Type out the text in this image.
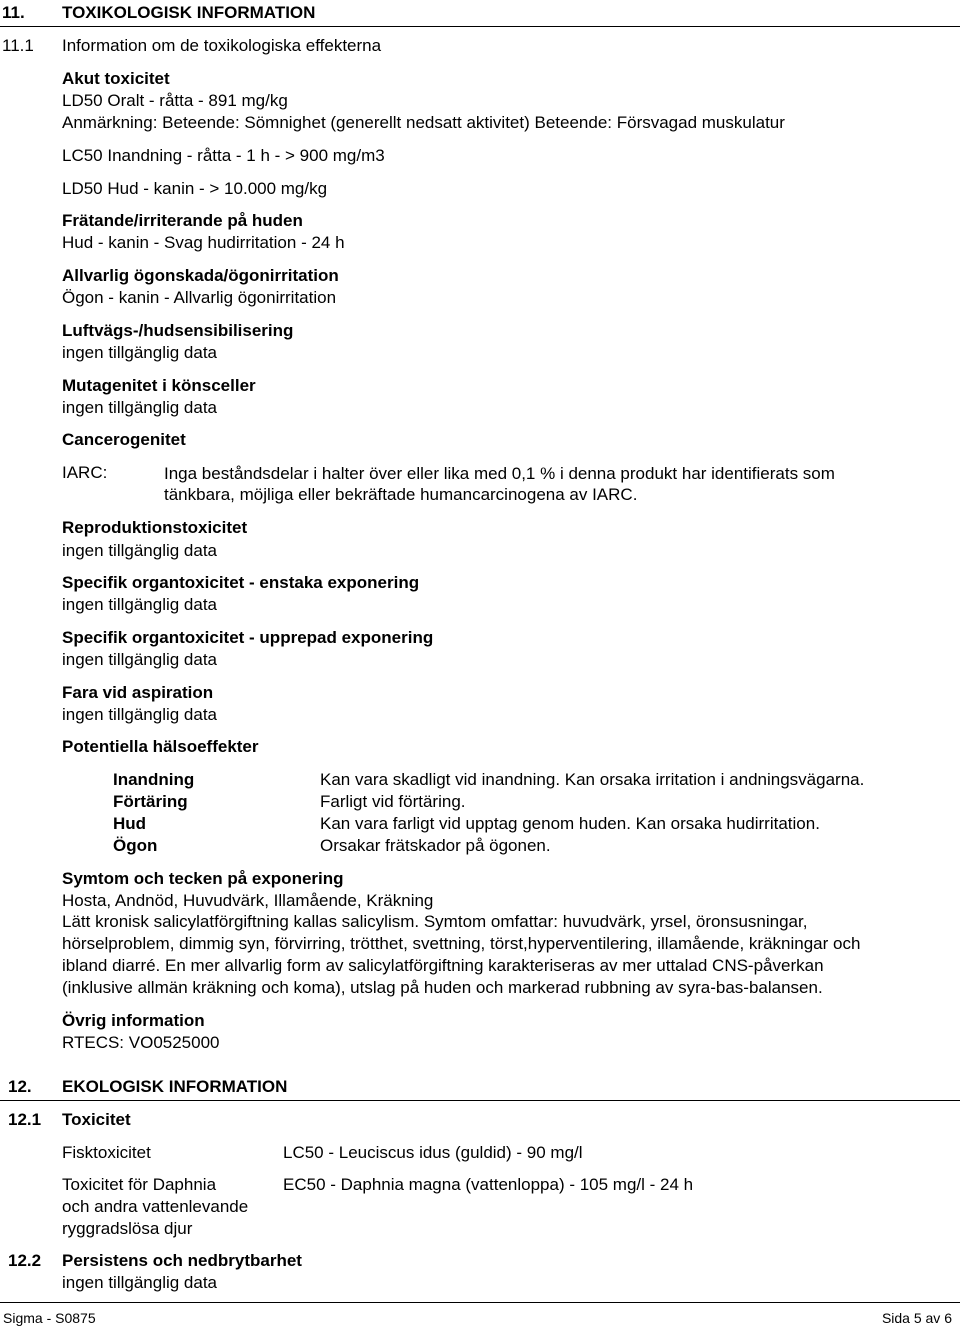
11. TOXIKOLOGISK INFORMATION
11.1 Information om de toxikologiska effekterna
Akut toxicitet
LD50 Oralt - råtta - 891 mg/kg
Anmärkning: Beteende: Sömnighet (generellt nedsatt aktivitet) Beteende: Försvagad muskulatur
LC50 Inandning - råtta - 1 h - > 900 mg/m3
LD50 Hud - kanin - > 10.000 mg/kg
Frätande/irriterande på huden
Hud - kanin - Svag hudirritation - 24 h
Allvarlig ögonskada/ögonirritation
Ögon - kanin - Allvarlig ögonirritation
Luftvägs-/hudsensibilisering
ingen tillgänglig data
Mutagenitet i könsceller
ingen tillgänglig data
Cancerogenitet
IARC:	Inga beståndsdelar i halter över eller lika med 0,1 % i denna produkt har identifierats som
tänkbara, möjliga eller bekräftade humancarcinogena av IARC.
Reproduktionstoxicitet
ingen tillgänglig data
Specifik organtoxicitet - enstaka exponering
ingen tillgänglig data
Specifik organtoxicitet - upprepad exponering
ingen tillgänglig data
Fara vid aspiration
ingen tillgänglig data
Potentiella hälsoeffekter
Inandning	Kan vara skadligt vid inandning. Kan orsaka irritation i andningsvägarna.
Förtäring	Farligt vid förtäring.
Hud	Kan vara farligt vid upptag genom huden. Kan orsaka hudirritation.
Ögon	Orsakar frätskador på ögonen.
Symtom och tecken på exponering
Hosta, Andnöd, Huvudvärk, Illamående, Kräkning
Lätt kronisk salicylatförgiftning kallas salicylism. Symtom omfattar: huvudvärk, yrsel, öronsusningar,
hörselproblem, dimmig syn, förvirring, trötthet, svettning, törst,hyperventilering, illamående, kräkningar och
ibland diarré. En mer allvarlig form av salicylatförgiftning karakteriseras av mer uttalad CNS-påverkan
(inklusive allmän kräkning och koma), utslag på huden och markerad rubbning av syra-bas-balansen.
Övrig information
RTECS: VO0525000
12. EKOLOGISK INFORMATION
12.1 Toxicitet
Fisktoxicitet	LC50 - Leuciscus idus (guldid) - 90 mg/l
Toxicitet för Daphnia	EC50 - Daphnia magna (vattenloppa) - 105 mg/l - 24 h
och andra vattenlevande
ryggradslösa djur
12.2 Persistens och nedbrytbarhet
ingen tillgänglig data
Sigma - S0875	Sida 5 av 6
